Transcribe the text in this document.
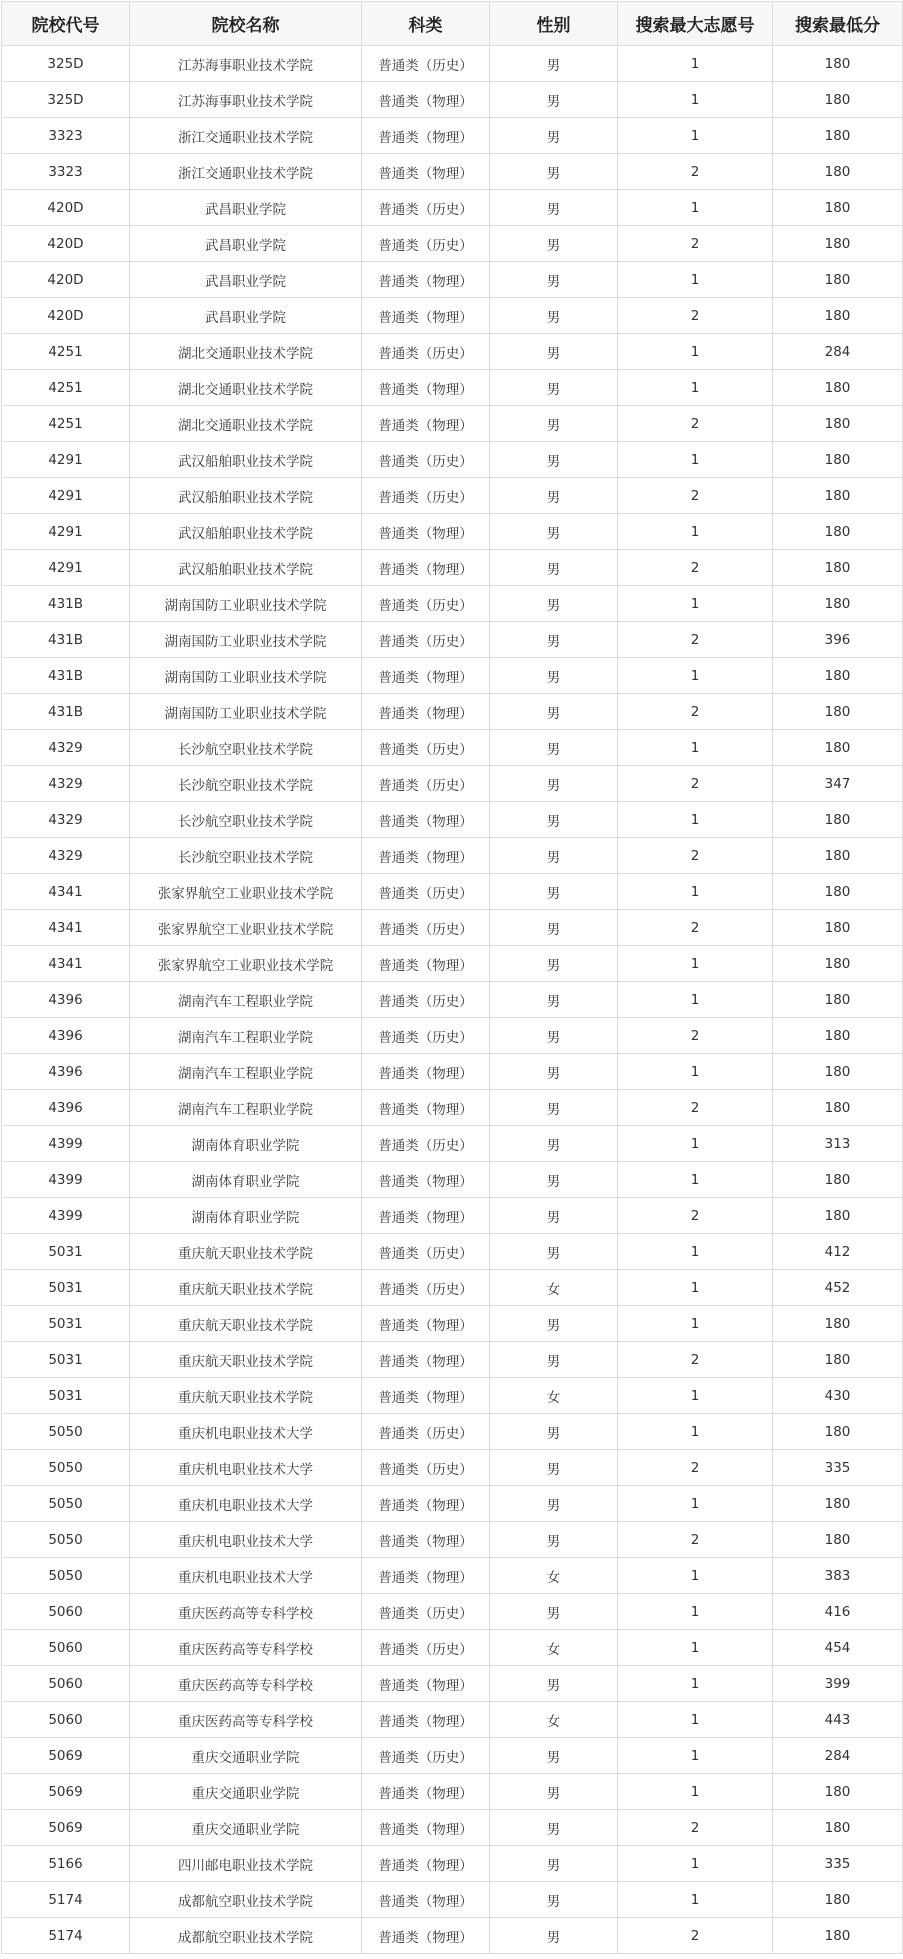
院校代号	院校名称	科类	性别	搜索最大志愿号	搜索最低分
325D	江苏海事职业技术学院	普通类（历史）	男	1	180
325D	江苏海事职业技术学院	普通类（物理）	男	1	180
3323	浙江交通职业技术学院	普通类（物理）	男	1	180
3323	浙江交通职业技术学院	普通类（物理）	男	2	180
420D	武昌职业学院	普通类（历史）	男	1	180
420D	武昌职业学院	普通类（历史）	男	2	180
420D	武昌职业学院	普通类（物理）	男	1	180
420D	武昌职业学院	普通类（物理）	男	2	180
4251	湖北交通职业技术学院	普通类（历史）	男	1	284
4251	湖北交通职业技术学院	普通类（物理）	男	1	180
4251	湖北交通职业技术学院	普通类（物理）	男	2	180
4291	武汉船舶职业技术学院	普通类（历史）	男	1	180
4291	武汉船舶职业技术学院	普通类（历史）	男	2	180
4291	武汉船舶职业技术学院	普通类（物理）	男	1	180
4291	武汉船舶职业技术学院	普通类（物理）	男	2	180
431B	湖南国防工业职业技术学院	普通类（历史）	男	1	180
431B	湖南国防工业职业技术学院	普通类（历史）	男	2	396
431B	湖南国防工业职业技术学院	普通类（物理）	男	1	180
431B	湖南国防工业职业技术学院	普通类（物理）	男	2	180
4329	长沙航空职业技术学院	普通类（历史）	男	1	180
4329	长沙航空职业技术学院	普通类（历史）	男	2	347
4329	长沙航空职业技术学院	普通类（物理）	男	1	180
4329	长沙航空职业技术学院	普通类（物理）	男	2	180
4341	张家界航空工业职业技术学院	普通类（历史）	男	1	180
4341	张家界航空工业职业技术学院	普通类（历史）	男	2	180
4341	张家界航空工业职业技术学院	普通类（物理）	男	1	180
4396	湖南汽车工程职业学院	普通类（历史）	男	1	180
4396	湖南汽车工程职业学院	普通类（历史）	男	2	180
4396	湖南汽车工程职业学院	普通类（物理）	男	1	180
4396	湖南汽车工程职业学院	普通类（物理）	男	2	180
4399	湖南体育职业学院	普通类（历史）	男	1	313
4399	湖南体育职业学院	普通类（物理）	男	1	180
4399	湖南体育职业学院	普通类（物理）	男	2	180
5031	重庆航天职业技术学院	普通类（历史）	男	1	412
5031	重庆航天职业技术学院	普通类（历史）	女	1	452
5031	重庆航天职业技术学院	普通类（物理）	男	1	180
5031	重庆航天职业技术学院	普通类（物理）	男	2	180
5031	重庆航天职业技术学院	普通类（物理）	女	1	430
5050	重庆机电职业技术大学	普通类（历史）	男	1	180
5050	重庆机电职业技术大学	普通类（历史）	男	2	335
5050	重庆机电职业技术大学	普通类（物理）	男	1	180
5050	重庆机电职业技术大学	普通类（物理）	男	2	180
5050	重庆机电职业技术大学	普通类（物理）	女	1	383
5060	重庆医药高等专科学校	普通类（历史）	男	1	416
5060	重庆医药高等专科学校	普通类（历史）	女	1	454
5060	重庆医药高等专科学校	普通类（物理）	男	1	399
5060	重庆医药高等专科学校	普通类（物理）	女	1	443
5069	重庆交通职业学院	普通类（历史）	男	1	284
5069	重庆交通职业学院	普通类（物理）	男	1	180
5069	重庆交通职业学院	普通类（物理）	男	2	180
5166	四川邮电职业技术学院	普通类（物理）	男	1	335
5174	成都航空职业技术学院	普通类（物理）	男	1	180
5174	成都航空职业技术学院	普通类（物理）	男	2	180
